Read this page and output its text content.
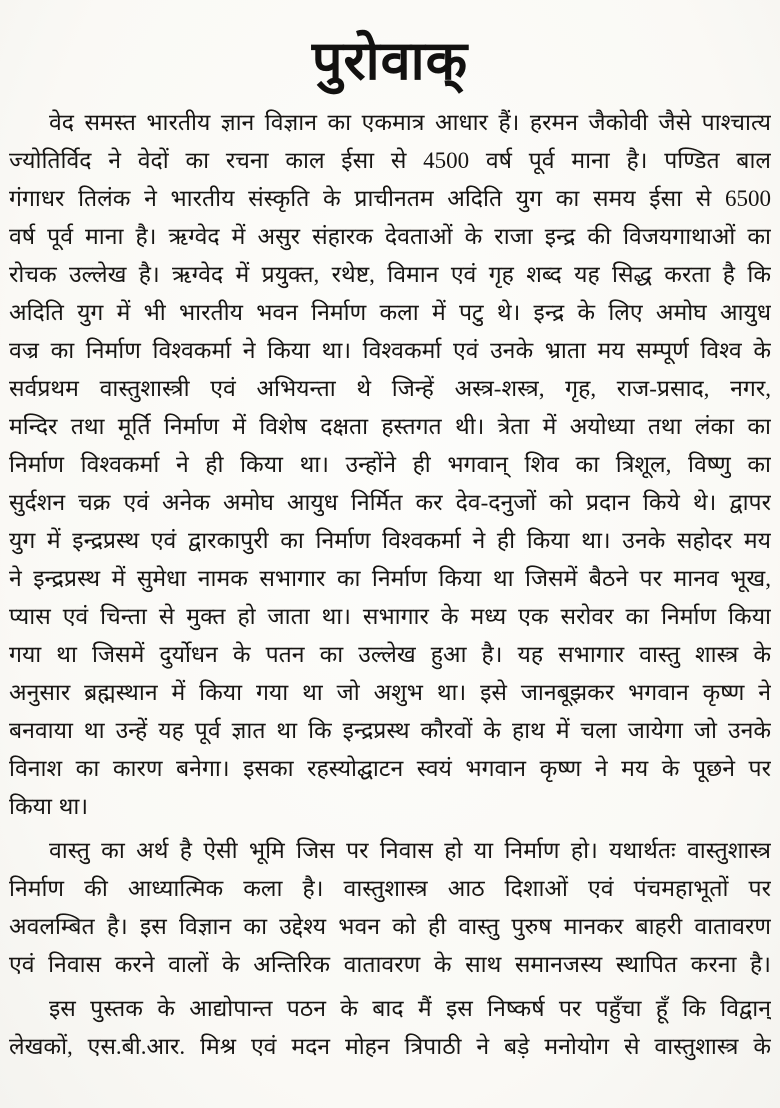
पुरोवाक्
वेद समस्त भारतीय ज्ञान विज्ञान का एकमात्र आधार हैं। हरमन जैकोवी जैसे पाश्चात्य
ज्योतिर्विद ने वेदों का रचना काल ईसा से 4500 वर्ष पूर्व माना है। पण्डित बाल
गंगाधर तिलंक ने भारतीय संस्कृति के प्राचीनतम अदिति युग का समय ईसा से 6500
वर्ष पूर्व माना है। ऋग्वेद में असुर संहारक देवताओं के राजा इन्द्र की विजयगाथाओं का
रोचक उल्लेख है। ऋग्वेद में प्रयुक्त, रथेष्ट, विमान एवं गृह शब्द यह सिद्ध करता है कि
अदिति युग में भी भारतीय भवन निर्माण कला में पटु थे। इन्द्र के लिए अमोघ आयुध
वज्र का निर्माण विश्वकर्मा ने किया था। विश्वकर्मा एवं उनके भ्राता मय सम्पूर्ण विश्व के
सर्वप्रथम वास्तुशास्त्री एवं अभियन्ता थे जिन्हें अस्त्र-शस्त्र, गृह, राज-प्रसाद, नगर,
मन्दिर तथा मूर्ति निर्माण में विशेष दक्षता हस्तगत थी। त्रेता में अयोध्या तथा लंका का
निर्माण विश्वकर्मा ने ही किया था। उन्होंने ही भगवान् शिव का त्रिशूल, विष्णु का
सुर्दशन चक्र एवं अनेक अमोघ आयुध निर्मित कर देव-दनुजों को प्रदान किये थे। द्वापर
युग में इन्द्रप्रस्थ एवं द्वारकापुरी का निर्माण विश्वकर्मा ने ही किया था। उनके सहोदर मय
ने इन्द्रप्रस्थ में सुमेधा नामक सभागार का निर्माण किया था जिसमें बैठने पर मानव भूख,
प्यास एवं चिन्ता से मुक्त हो जाता था। सभागार के मध्य एक सरोवर का निर्माण किया
गया था जिसमें दुर्योधन के पतन का उल्लेख हुआ है। यह सभागार वास्तु शास्त्र के
अनुसार ब्रह्मस्थान में किया गया था जो अशुभ था। इसे जानबूझकर भगवान कृष्ण ने
बनवाया था उन्हें यह पूर्व ज्ञात था कि इन्द्रप्रस्थ कौरवों के हाथ में चला जायेगा जो उनके
विनाश का कारण बनेगा। इसका रहस्योद्घाटन स्वयं भगवान कृष्ण ने मय के पूछने पर
किया था।
वास्तु का अर्थ है ऐसी भूमि जिस पर निवास हो या निर्माण हो। यथार्थतः वास्तुशास्त्र
निर्माण की आध्यात्मिक कला है। वास्तुशास्त्र आठ दिशाओं एवं पंचमहाभूतों पर
अवलम्बित है। इस विज्ञान का उद्देश्य भवन को ही वास्तु पुरुष मानकर बाहरी वातावरण
एवं निवास करने वालों के अन्तिरिक वातावरण के साथ समानजस्य स्थापित करना है।
इस पुस्तक के आद्योपान्त पठन के बाद मैं इस निष्कर्ष पर पहुँचा हूँ कि विद्वान्
लेखकों, एस.बी.आर. मिश्र एवं मदन मोहन त्रिपाठी ने बड़े मनोयोग से वास्तुशास्त्र के
